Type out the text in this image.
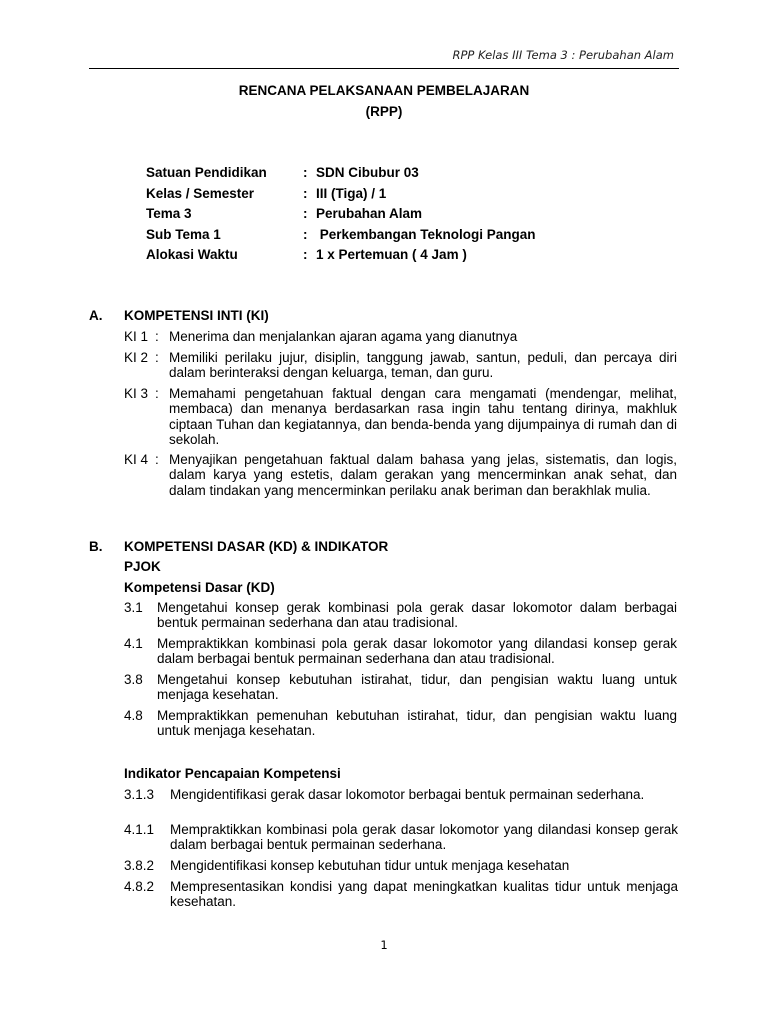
RPP Kelas III Tema 3 : Perubahan Alam
RENCANA PELAKSANAAN PEMBELAJARAN
(RPP)
Satuan Pendidikan	: SDN Cibubur 03
Kelas / Semester	: III (Tiga) / 1
Tema 3	: Perubahan Alam
Sub Tema 1	: Perkembangan Teknologi Pangan
Alokasi Waktu	: 1 x Pertemuan ( 4 Jam )
A. KOMPETENSI INTI (KI)
KI 1 : Menerima dan menjalankan ajaran agama yang dianutnya
KI 2 : Memiliki perilaku jujur, disiplin, tanggung jawab, santun, peduli, dan percaya diri dalam berinteraksi dengan keluarga, teman, dan guru.
KI 3 : Memahami pengetahuan faktual dengan cara mengamati (mendengar, melihat, membaca) dan menanya berdasarkan rasa ingin tahu tentang dirinya, makhluk ciptaan Tuhan dan kegiatannya, dan benda-benda yang dijumpainya di rumah dan di sekolah.
KI 4 : Menyajikan pengetahuan faktual dalam bahasa yang jelas, sistematis, dan logis, dalam karya yang estetis, dalam gerakan yang mencerminkan anak sehat, dan dalam tindakan yang mencerminkan perilaku anak beriman dan berakhlak mulia.
B. KOMPETENSI DASAR (KD) & INDIKATOR
PJOK
Kompetensi Dasar (KD)
3.1 Mengetahui konsep gerak kombinasi pola gerak dasar lokomotor dalam berbagai bentuk permainan sederhana dan atau tradisional.
4.1 Mempraktikkan kombinasi pola gerak dasar lokomotor yang dilandasi konsep gerak dalam berbagai bentuk permainan sederhana dan atau tradisional.
3.8 Mengetahui konsep kebutuhan istirahat, tidur, dan pengisian waktu luang untuk menjaga kesehatan.
4.8 Mempraktikkan pemenuhan kebutuhan istirahat, tidur, dan pengisian waktu luang untuk menjaga kesehatan.
Indikator Pencapaian Kompetensi
3.1.3 Mengidentifikasi gerak dasar lokomotor berbagai bentuk permainan sederhana.
4.1.1 Mempraktikkan kombinasi pola gerak dasar lokomotor yang dilandasi konsep gerak dalam berbagai bentuk permainan sederhana.
3.8.2 Mengidentifikasi konsep kebutuhan tidur untuk menjaga kesehatan
4.8.2 Mempresentasikan kondisi yang dapat meningkatkan kualitas tidur untuk menjaga kesehatan.
1
